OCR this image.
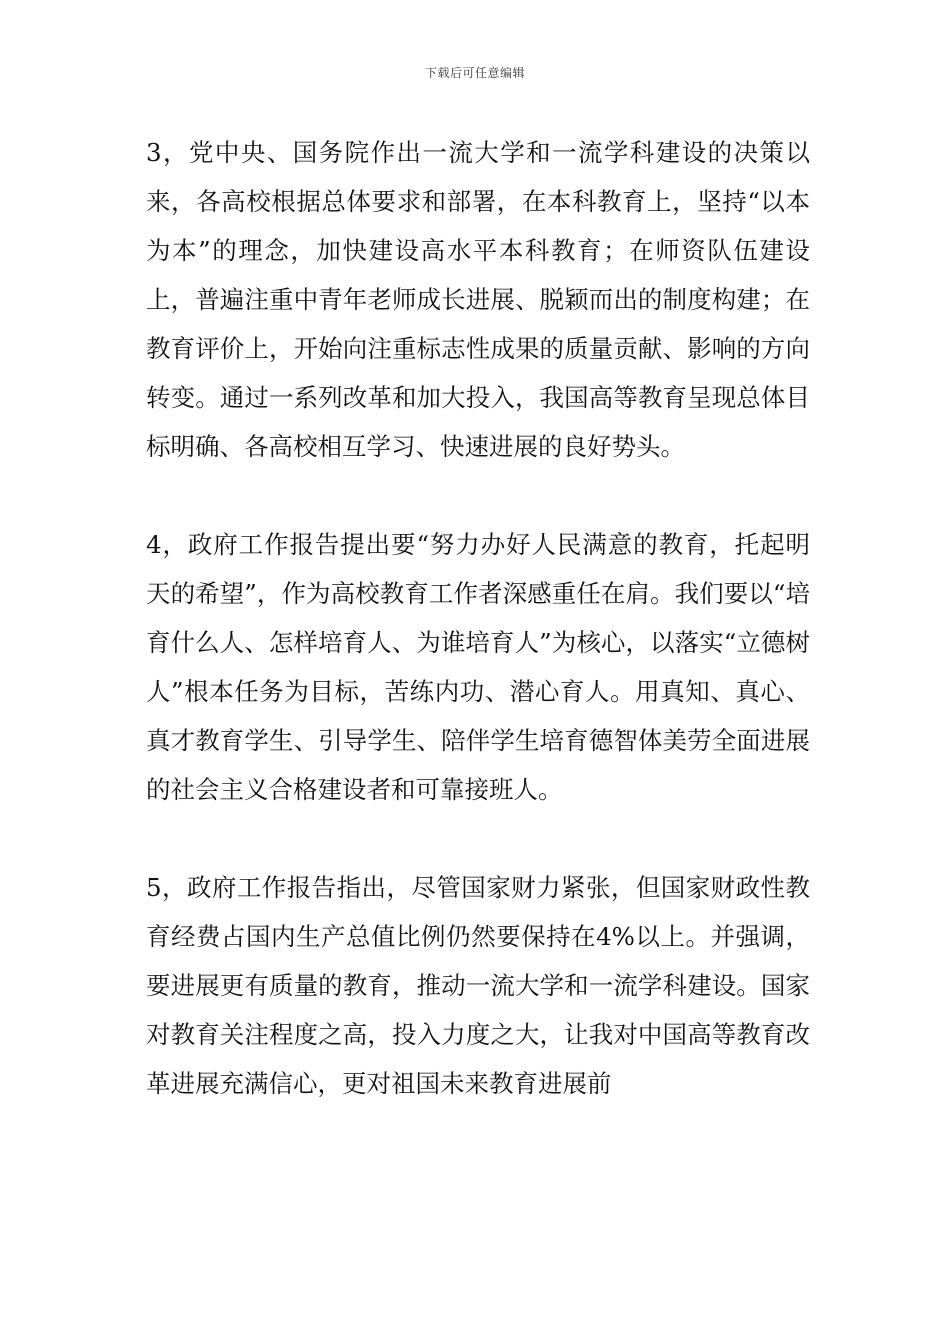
下载后可任意编辑

3，党中央、国务院作出一流大学和一流学科建设的决策以来，各高校根据总体要求和部署，在本科教育上，坚持“以本为本”的理念，加快建设高水平本科教育；在师资队伍建设上，普遍注重中青年老师成长进展、脱颖而出的制度构建；在教育评价上，开始向注重标志性成果的质量贡献、影响的方向转变。通过一系列改革和加大投入，我国高等教育呈现总体目标明确、各高校相互学习、快速进展的良好势头。

4，政府工作报告提出要“努力办好人民满意的教育，托起明天的希望”，作为高校教育工作者深感重任在肩。我们要以“培育什么人、怎样培育人、为谁培育人”为核心，以落实“立德树人”根本任务为目标，苦练内功、潜心育人。用真知、真心、真才教育学生、引导学生、陪伴学生培育德智体美劳全面进展的社会主义合格建设者和可靠接班人。

5，政府工作报告指出，尽管国家财力紧张，但国家财政性教育经费占国内生产总值比例仍然要保持在4%以上。并强调，要进展更有质量的教育，推动一流大学和一流学科建设。国家对教育关注程度之高，投入力度之大，让我对中国高等教育改革进展充满信心，更对祖国未来教育进展前
